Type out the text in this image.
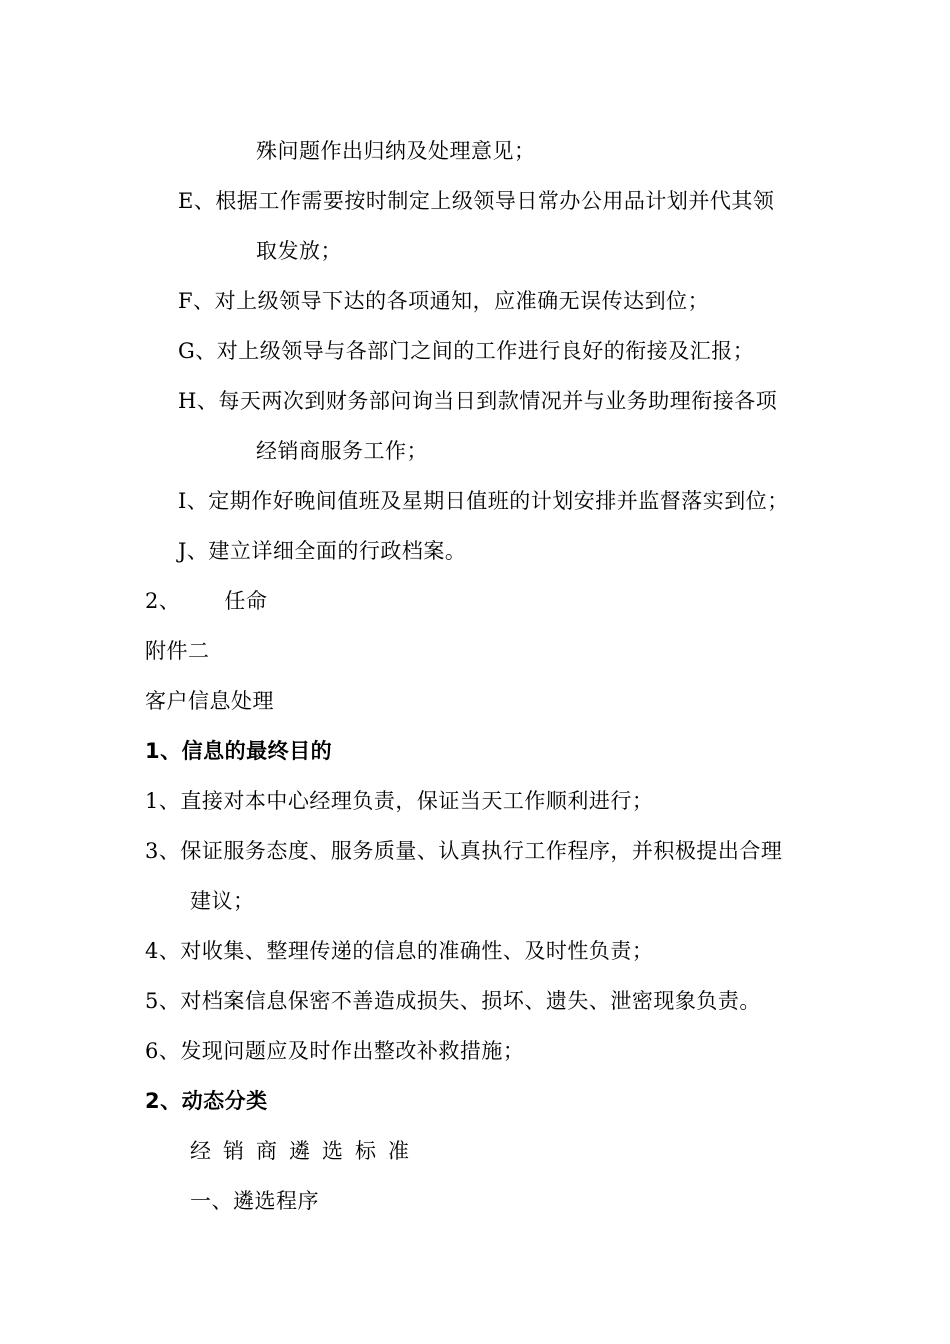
殊问题作出归纳及处理意见；
E、根据工作需要按时制定上级领导日常办公用品计划并代其领
取发放；
F、对上级领导下达的各项通知，应准确无误传达到位；
G、对上级领导与各部门之间的工作进行良好的衔接及汇报；
H、每天两次到财务部问询当日到款情况并与业务助理衔接各项
经销商服务工作；
I、定期作好晚间值班及星期日值班的计划安排并监督落实到位；
J、建立详细全面的行政档案。
2、 任命
附件二
客户信息处理
1、信息的最终目的
1、直接对本中心经理负责，保证当天工作顺利进行；
3、保证服务态度、服务质量、认真执行工作程序，并积极提出合理
建议；
4、对收集、整理传递的信息的准确性、及时性负责；
5、对档案信息保密不善造成损失、损坏、遗失、泄密现象负责。
6、发现问题应及时作出整改补救措施；
2、动态分类
经销商遴选标准
一、遴选程序
